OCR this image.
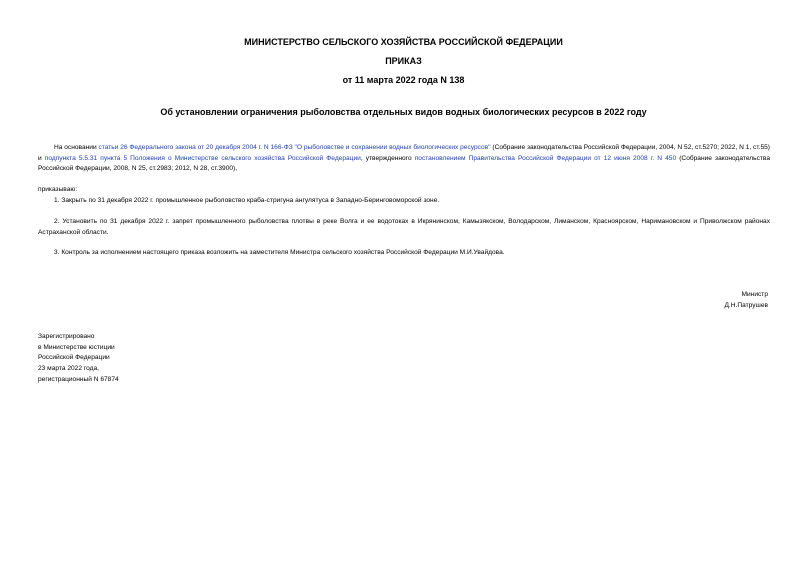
МИНИСТЕРСТВО СЕЛЬСКОГО ХОЗЯЙСТВА РОССИЙСКОЙ ФЕДЕРАЦИИ
ПРИКАЗ
от 11 марта 2022 года N 138
Об установлении ограничения рыболовства отдельных видов водных биологических ресурсов в 2022 году

На основании статьи 26 Федерального закона от 20 декабря 2004 г. N 166-ФЗ "О рыболовстве и сохранении водных биологических ресурсов" (Собрание законодательства Российской Федерации, 2004, N 52, ст.5270; 2022, N 1, ст.55) и подпункта 5.5.31 пункта 5 Положения о Министерстве сельского хозяйства Российской Федерации, утвержденного постановлением Правительства Российской Федерации от 12 июня 2008 г. N 450 (Собрание законодательства Российской Федерации, 2008, N 25, ст.2983; 2012, N 28, ст.3900),

приказываю:

1. Закрыть по 31 декабря 2022 г. промышленное рыболовство краба-стригуна ангулятуса в Западно-Беринговоморской зоне.

2. Установить по 31 декабря 2022 г. запрет промышленного рыболовства плотвы в реке Волга и ее водотоках в Икрянинском, Камызякском, Володарском, Лиманском, Красноярском, Наримановском и Приволжском районах Астраханской области.

3. Контроль за исполнением настоящего приказа возложить на заместителя Министра сельского хозяйства Российской Федерации М.И.Увайдова.

Министр
Д.Н.Патрушев
Зарегистрировано
в Министерстве юстиции
Российской Федерации
23 марта 2022 года,
регистрационный N 67874
